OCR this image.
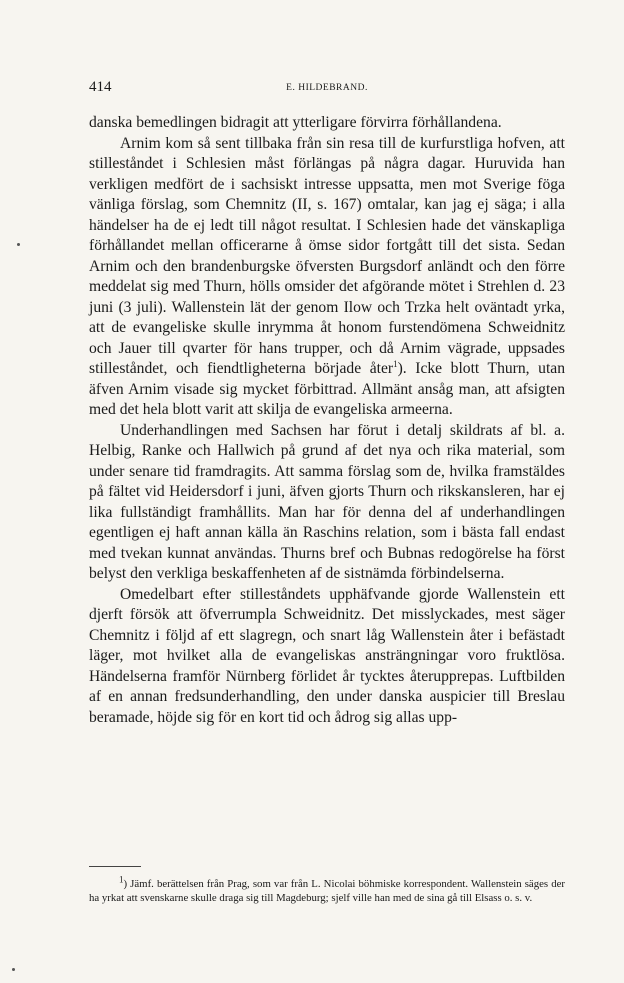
414	E. HILDEBRAND.

danska bemedlingen bidragit att ytterligare förvirra förhållandena.

Arnim kom så sent tillbaka från sin resa till de kurfurstliga hofven, att stilleståndet i Schlesien måst förlängas på några dagar. Huruvida han verkligen medfört de i sachsiskt intresse uppsatta, men mot Sverige föga vänliga förslag, som Chemnitz (II, s. 167) omtalar, kan jag ej säga; i alla händelser ha de ej ledt till något resultat. I Schlesien hade det vänskapliga förhållandet mellan officerarne å ömse sidor fortgått till det sista. Sedan Arnim och den brandenburgske öfversten Burgsdorf anländt och den förre meddelat sig med Thurn, hölls omsider det afgörande mötet i Strehlen d. 23 juni (3 juli). Wallenstein lät der genom Ilow och Trzka helt oväntadt yrka, att de evangeliske skulle inrymma åt honom furstendömena Schweidnitz och Jauer till qvarter för hans trupper, och då Arnim vägrade, uppsades stilleståndet, och fiendtligheterna började åter$^1$). Icke blott Thurn, utan äfven Arnim visade sig mycket förbittrad. Allmänt ansåg man, att afsigten med det hela blott varit att skilja de evangeliska armeerna.

Underhandlingen med Sachsen har förut i detalj skildrats af bl. a. Helbig, Ranke och Hallwich på grund af det nya och rika material, som under senare tid framdragits. Att samma förslag som de, hvilka framstäldes på fältet vid Heidersdorf i juni, äfven gjorts Thurn och rikskansleren, har ej lika fullständigt framhållits. Man har för denna del af underhandlingen egentligen ej haft annan källa än Raschins relation, som i bästa fall endast med tvekan kunnat användas. Thurns bref och Bubnas redogörelse ha först belyst den verkliga beskaffenheten af de sistnämda förbindelserna.

Omedelbart efter stilleståndets upphäfvande gjorde Wallenstein ett djerft försök att öfverrumpla Schweidnitz. Det misslyckades, mest säger Chemnitz i följd af ett slagregn, och snart låg Wallenstein åter i befästadt läger, mot hvilket alla de evangeliskas ansträngningar voro fruktlösa. Händelserna framför Nürnberg förlidet år tycktes återupprepas. Luftbilden af en annan fredsunderhandling, den under danska auspicier till Breslau beramade, höjde sig för en kort tid och ådrog sig allas upp-

$^1$) Jämf. berättelsen från Prag, som var från L. Nicolai böhmiske korrespondent. Wallenstein säges der ha yrkat att svenskarne skulle draga sig till Magdeburg; sjelf ville han med de sina gå till Elsass o. s. v.
